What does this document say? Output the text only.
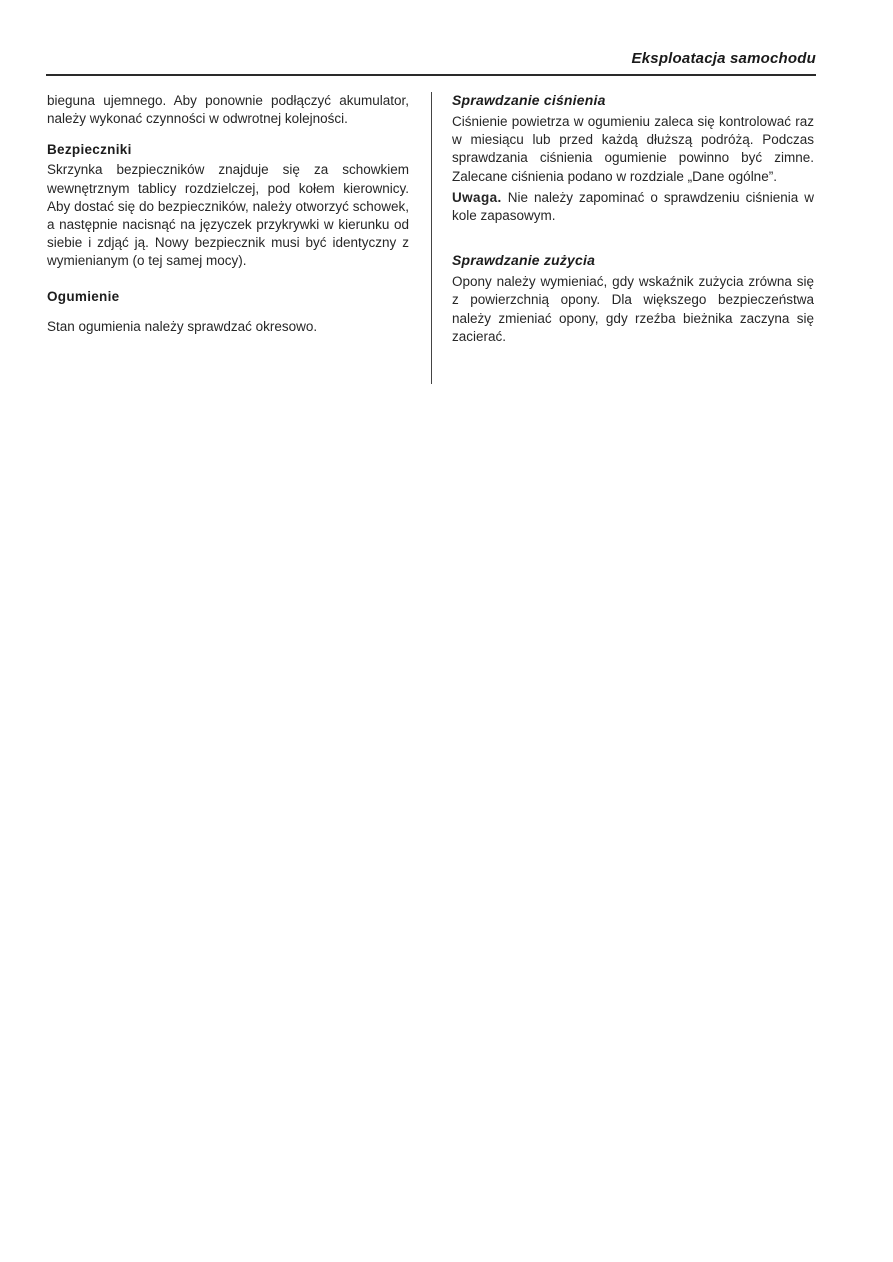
Eksploatacja samochodu

bieguna ujemnego. Aby ponownie podłączyć akumulator, należy wykonać czynności w odwrotnej kolejności.

Bezpieczniki

Skrzynka bezpieczników znajduje się za schowkiem wewnętrznym tablicy rozdzielczej, pod kołem kierownicy. Aby dostać się do bezpieczników, należy otworzyć schowek, a następnie nacisnąć na języczek przykrywki w kierunku od siebie i zdjąć ją. Nowy bezpiecznik musi być identyczny z wymienianym (o tej samej mocy).

Ogumienie

Stan ogumienia należy sprawdzać okresowo.

Sprawdzanie ciśnienia

Ciśnienie powietrza w ogumieniu zaleca się kontrolować raz w miesiącu lub przed każdą dłuższą podróżą. Podczas sprawdzania ciśnienia ogumienie powinno być zimne. Zalecane ciśnienia podano w rozdziale „Dane ogólne”.

Uwaga. Nie należy zapominać o sprawdzeniu ciśnienia w kole zapasowym.

Sprawdzanie zużycia

Opony należy wymieniać, gdy wskaźnik zużycia zrówna się z powierzchnią opony. Dla większego bezpieczeństwa należy zmieniać opony, gdy rzeźba bieżnika zaczyna się zacierać.
